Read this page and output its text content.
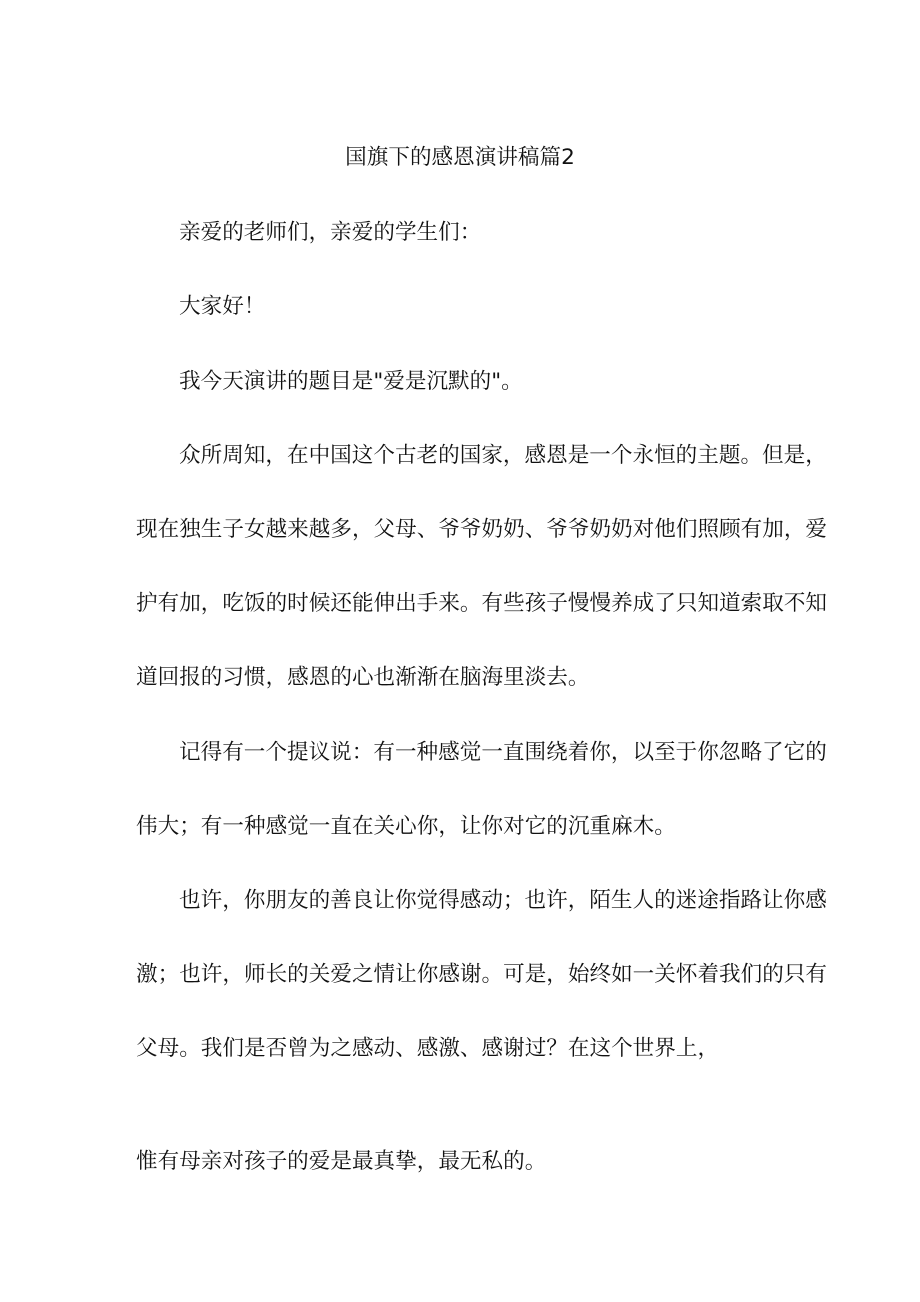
国旗下的感恩演讲稿篇2
亲爱的老师们，亲爱的学生们：
大家好！
我今天演讲的题目是"爱是沉默的"。
众所周知，在中国这个古老的国家，感恩是一个永恒的主题。但是，
现在独生子女越来越多，父母、爷爷奶奶、爷爷奶奶对他们照顾有加，爱
护有加，吃饭的时候还能伸出手来。有些孩子慢慢养成了只知道索取不知
道回报的习惯，感恩的心也渐渐在脑海里淡去。
记得有一个提议说：有一种感觉一直围绕着你，以至于你忽略了它的
伟大；有一种感觉一直在关心你，让你对它的沉重麻木。
也许，你朋友的善良让你觉得感动；也许，陌生人的迷途指路让你感
激；也许，师长的关爱之情让你感谢。可是，始终如一关怀着我们的只有
父母。我们是否曾为之感动、感激、感谢过？在这个世界上，
惟有母亲对孩子的爱是最真挚，最无私的。
